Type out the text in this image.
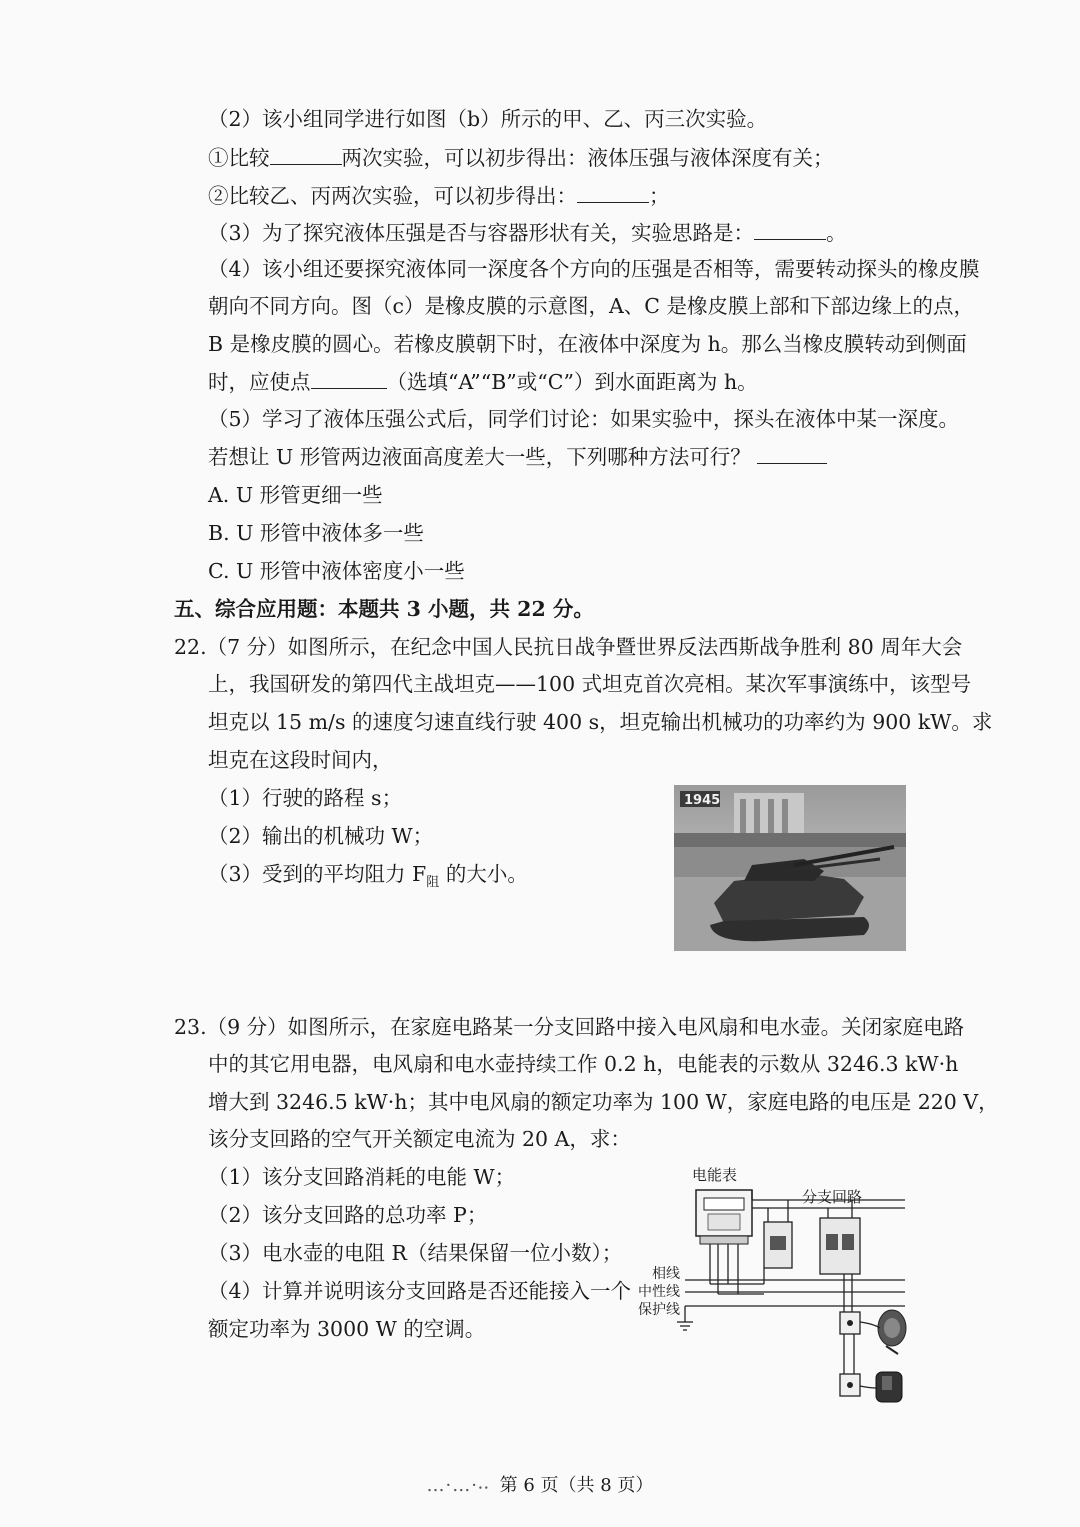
（2）该小组同学进行如图（b）所示的甲、乙、丙三次实验。
①比较	两次实验，可以初步得出：液体压强与液体深度有关；
②比较乙、丙两次实验，可以初步得出：	；
（3）为了探究液体压强是否与容器形状有关，实验思路是：	。
（4）该小组还要探究液体同一深度各个方向的压强是否相等，需要转动探头的橡皮膜
朝向不同方向。图（c）是橡皮膜的示意图，A、C 是橡皮膜上部和下部边缘上的点，
B 是橡皮膜的圆心。若橡皮膜朝下时，在液体中深度为 h。那么当橡皮膜转动到侧面
时，应使点	（选填“A”“B”或“C”）到水面距离为 h。
（5）学习了液体压强公式后，同学们讨论：如果实验中，探头在液体中某一深度。
若想让 U 形管两边液面高度差大一些，下列哪种方法可行？
A. U 形管更细一些
B. U 形管中液体多一些
C. U 形管中液体密度小一些
五、综合应用题：本题共 3 小题，共 22 分。
22.（7 分）如图所示，在纪念中国人民抗日战争暨世界反法西斯战争胜利 80 周年大会
上，我国研发的第四代主战坦克——100 式坦克首次亮相。某次军事演练中，该型号
坦克以 15 m/s 的速度匀速直线行驶 400 s，坦克输出机械功的功率约为 900 kW。求
坦克在这段时间内，
（1）行驶的路程 s；
（2）输出的机械功 W；
（3）受到的平均阻力 $F_阻$ 的大小。
1945
23.（9 分）如图所示，在家庭电路某一分支回路中接入电风扇和电水壶。关闭家庭电路
中的其它用电器，电风扇和电水壶持续工作 0.2 h，电能表的示数从 3246.3 kW·h
增大到 3246.5 kW·h；其中电风扇的额定功率为 100 W，家庭电路的电压是 220 V，
该分支回路的空气开关额定电流为 20 A，求：
（1）该分支回路消耗的电能 W；
（2）该分支回路的总功率 P；
（3）电水壶的电阻 R（结果保留一位小数）；
（4）计算并说明该分支回路是否还能接入一个
额定功率为 3000 W 的空调。
电能表
分支回路
相线
中性线
保护线
…·…·⸳⸳ 第 6 页（共 8 页）
